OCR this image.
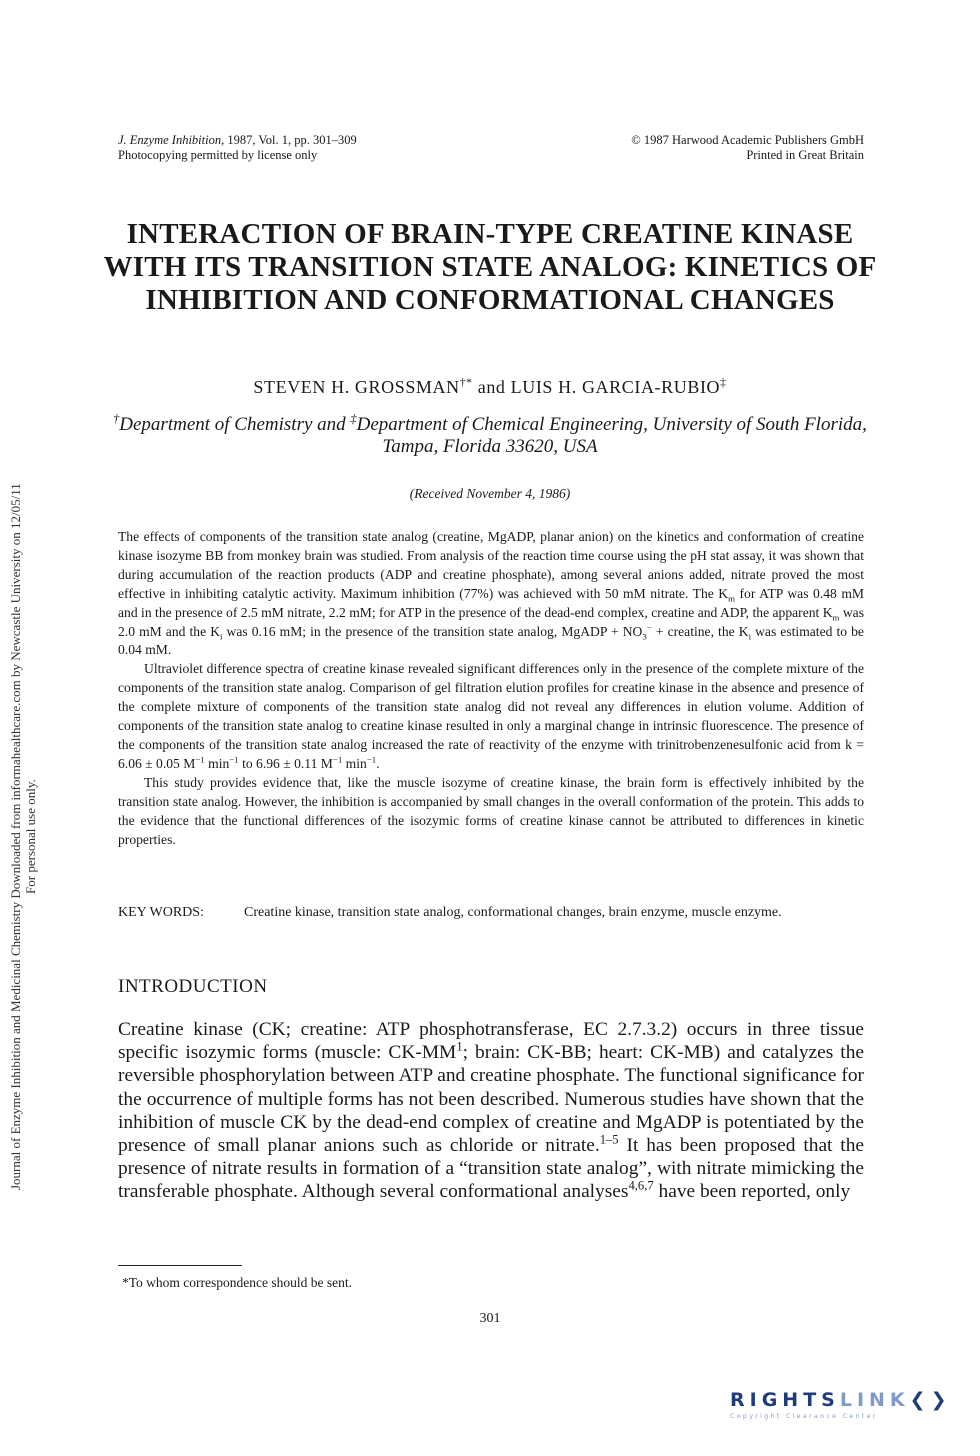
Journal of Enzyme Inhibition and Medicinal Chemistry Downloaded from informahealthcare.com by Newcastle University on 12/05/11 For personal use only.
J. Enzyme Inhibition, 1987, Vol. 1, pp. 301–309
Photocopying permitted by license only
© 1987 Harwood Academic Publishers GmbH
Printed in Great Britain
INTERACTION OF BRAIN-TYPE CREATINE KINASE WITH ITS TRANSITION STATE ANALOG: KINETICS OF INHIBITION AND CONFORMATIONAL CHANGES
STEVEN H. GROSSMAN†* and LUIS H. GARCIA-RUBIO‡
†Department of Chemistry and ‡Department of Chemical Engineering, University of South Florida, Tampa, Florida 33620, USA
(Received November 4, 1986)

The effects of components of the transition state analog (creatine, MgADP, planar anion) on the kinetics and conformation of creatine kinase isozyme BB from monkey brain was studied. From analysis of the reaction time course using the pH stat assay, it was shown that during accumulation of the reaction products (ADP and creatine phosphate), among several anions added, nitrate proved the most effective in inhibiting catalytic activity. Maximum inhibition (77%) was achieved with 50 mM nitrate. The $K_m$ for ATP was 0.48 mM and in the presence of 2.5 mM nitrate, 2.2 mM; for ATP in the presence of the dead-end complex, creatine and ADP, the apparent $K_m$ was 2.0 mM and the $K_i$ was 0.16 mM; in the presence of the transition state analog, MgADP + $NO_3^-$ + creatine, the $K_i$ was estimated to be 0.04 mM.

Ultraviolet difference spectra of creatine kinase revealed significant differences only in the presence of the complete mixture of the components of the transition state analog. Comparison of gel filtration elution profiles for creatine kinase in the absence and presence of the complete mixture of components of the transition state analog did not reveal any differences in elution volume. Addition of components of the transition state analog to creatine kinase resulted in only a marginal change in intrinsic fluorescence. The presence of the components of the transition state analog increased the rate of reactivity of the enzyme with trinitrobenzenesulfonic acid from k = 6.06 ± 0.05 $M^{-1}$ $\min^{-1}$ to 6.96 ± 0.11 $M^{-1}$ $\min^{-1}$.

This study provides evidence that, like the muscle isozyme of creatine kinase, the brain form is effectively inhibited by the transition state analog. However, the inhibition is accompanied by small changes in the overall conformation of the protein. This adds to the evidence that the functional differences of the isozymic forms of creatine kinase cannot be attributed to differences in kinetic properties.

KEY WORDS:	Creatine kinase, transition state analog, conformational changes, brain enzyme, muscle enzyme.
INTRODUCTION

Creatine kinase (CK; creatine: ATP phosphotransferase, EC 2.7.3.2) occurs in three tissue specific isozymic forms (muscle: $CK-MM^1$; brain: CK-BB; heart: CK-MB) and catalyzes the reversible phosphorylation between ATP and creatine phosphate. The functional significance for the occurrence of multiple forms has not been described. Numerous studies have shown that the inhibition of muscle CK by the dead-end complex of creatine and MgADP is potentiated by the presence of small planar anions such as chloride or nitrate.$^{1-5}$ It has been proposed that the presence of nitrate results in formation of a “transition state analog”, with nitrate mimicking the transferable phosphate. Although several conformational analyses$^{4,6,7}$ have been reported, only

*To whom correspondence should be sent.
301
RIGHTSLINK❮❯
Copyright Clearance Center
